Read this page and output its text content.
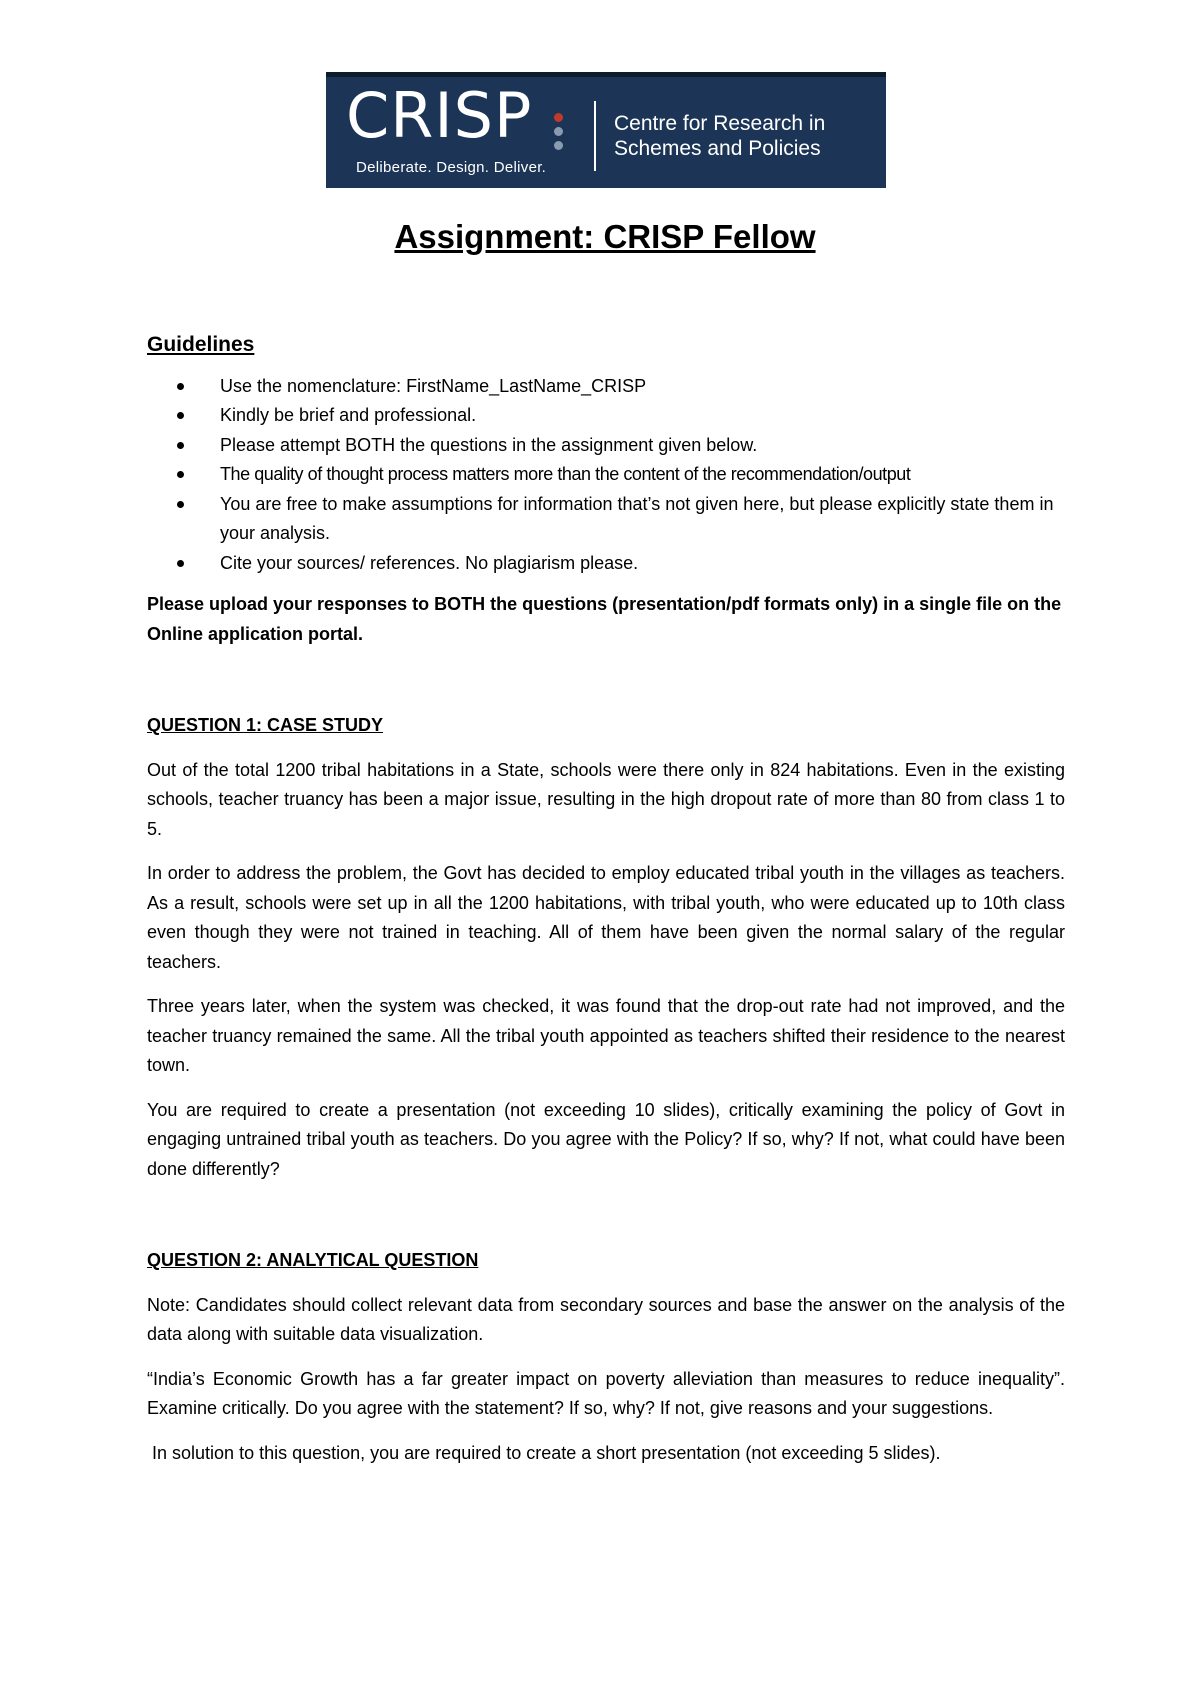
CRISP
Deliberate. Design. Deliver.
Centre for Research in
Schemes and Policies
Assignment: CRISP Fellow
Guidelines
Use the nomenclature: FirstName_LastName_CRISP
Kindly be brief and professional.
Please attempt BOTH the questions in the assignment given below.
The quality of thought process matters more than the content of the recommendation/output
You are free to make assumptions for information that’s not given here, but please explicitly state them in your analysis.
Cite your sources/ references. No plagiarism please.

Please upload your responses to BOTH the questions (presentation/pdf formats only) in a single file on the Online application portal.

QUESTION 1: CASE STUDY

Out of the total 1200 tribal habitations in a State, schools were there only in 824 habitations. Even in the existing schools, teacher truancy has been a major issue, resulting in the high dropout rate of more than 80 from class 1 to 5.

In order to address the problem, the Govt has decided to employ educated tribal youth in the villages as teachers. As a result, schools were set up in all the 1200 habitations, with tribal youth, who were educated up to 10th class even though they were not trained in teaching. All of them have been given the normal salary of the regular teachers.

Three years later, when the system was checked, it was found that the drop-out rate had not improved, and the teacher truancy remained the same. All the tribal youth appointed as teachers shifted their residence to the nearest town.

You are required to create a presentation (not exceeding 10 slides), critically examining the policy of Govt in engaging untrained tribal youth as teachers. Do you agree with the Policy? If so, why? If not, what could have been done differently?

QUESTION 2: ANALYTICAL QUESTION

Note: Candidates should collect relevant data from secondary sources and base the answer on the analysis of the data along with suitable data visualization.

“India’s Economic Growth has a far greater impact on poverty alleviation than measures to reduce inequality”. Examine critically. Do you agree with the statement? If so, why? If not, give reasons and your suggestions.

In solution to this question, you are required to create a short presentation (not exceeding 5 slides).
